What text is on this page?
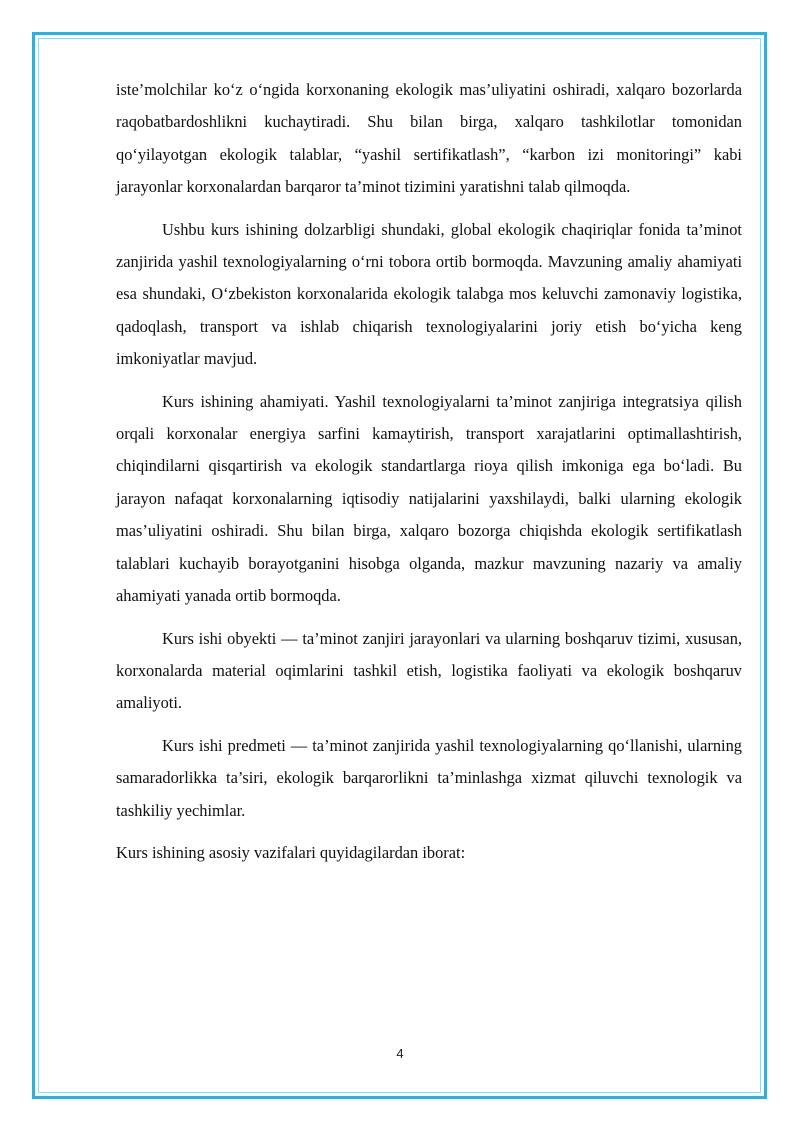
iste’molchilar ko‘z o‘ngida korxonaning ekologik mas’uliyatini oshiradi, xalqaro bozorlarda raqobatbardoshlikni kuchaytiradi. Shu bilan birga, xalqaro tashkilotlar tomonidan qo‘yilayotgan ekologik talablar, “yashil sertifikatlash”, “karbon izi monitoringi” kabi jarayonlar korxonalardan barqaror ta’minot tizimini yaratishni talab qilmoqda.

Ushbu kurs ishining dolzarbligi shundaki, global ekologik chaqiriqlar fonida ta’minot zanjirida yashil texnologiyalarning o‘rni tobora ortib bormoqda. Mavzuning amaliy ahamiyati esa shundaki, O‘zbekiston korxonalarida ekologik talabga mos keluvchi zamonaviy logistika, qadoqlash, transport va ishlab chiqarish texnologiyalarini joriy etish bo‘yicha keng imkoniyatlar mavjud.

Kurs ishining ahamiyati. Yashil texnologiyalarni ta’minot zanjiriga integratsiya qilish orqali korxonalar energiya sarfini kamaytirish, transport xarajatlarini optimallashtirish, chiqindilarni qisqartirish va ekologik standartlarga rioya qilish imkoniga ega bo‘ladi. Bu jarayon nafaqat korxonalarning iqtisodiy natijalarini yaxshilaydi, balki ularning ekologik mas’uliyatini oshiradi. Shu bilan birga, xalqaro bozorga chiqishda ekologik sertifikatlash talablari kuchayib borayotganini hisobga olganda, mazkur mavzuning nazariy va amaliy ahamiyati yanada ortib bormoqda.

Kurs ishi obyekti — ta’minot zanjiri jarayonlari va ularning boshqaruv tizimi, xususan, korxonalarda material oqimlarini tashkil etish, logistika faoliyati va ekologik boshqaruv amaliyoti.

Kurs ishi predmeti — ta’minot zanjirida yashil texnologiyalarning qo‘llanishi, ularning samaradorlikka ta’siri, ekologik barqarorlikni ta’minlashga xizmat qiluvchi texnologik va tashkiliy yechimlar.

Kurs ishining asosiy vazifalari quyidagilardan iborat:

4
